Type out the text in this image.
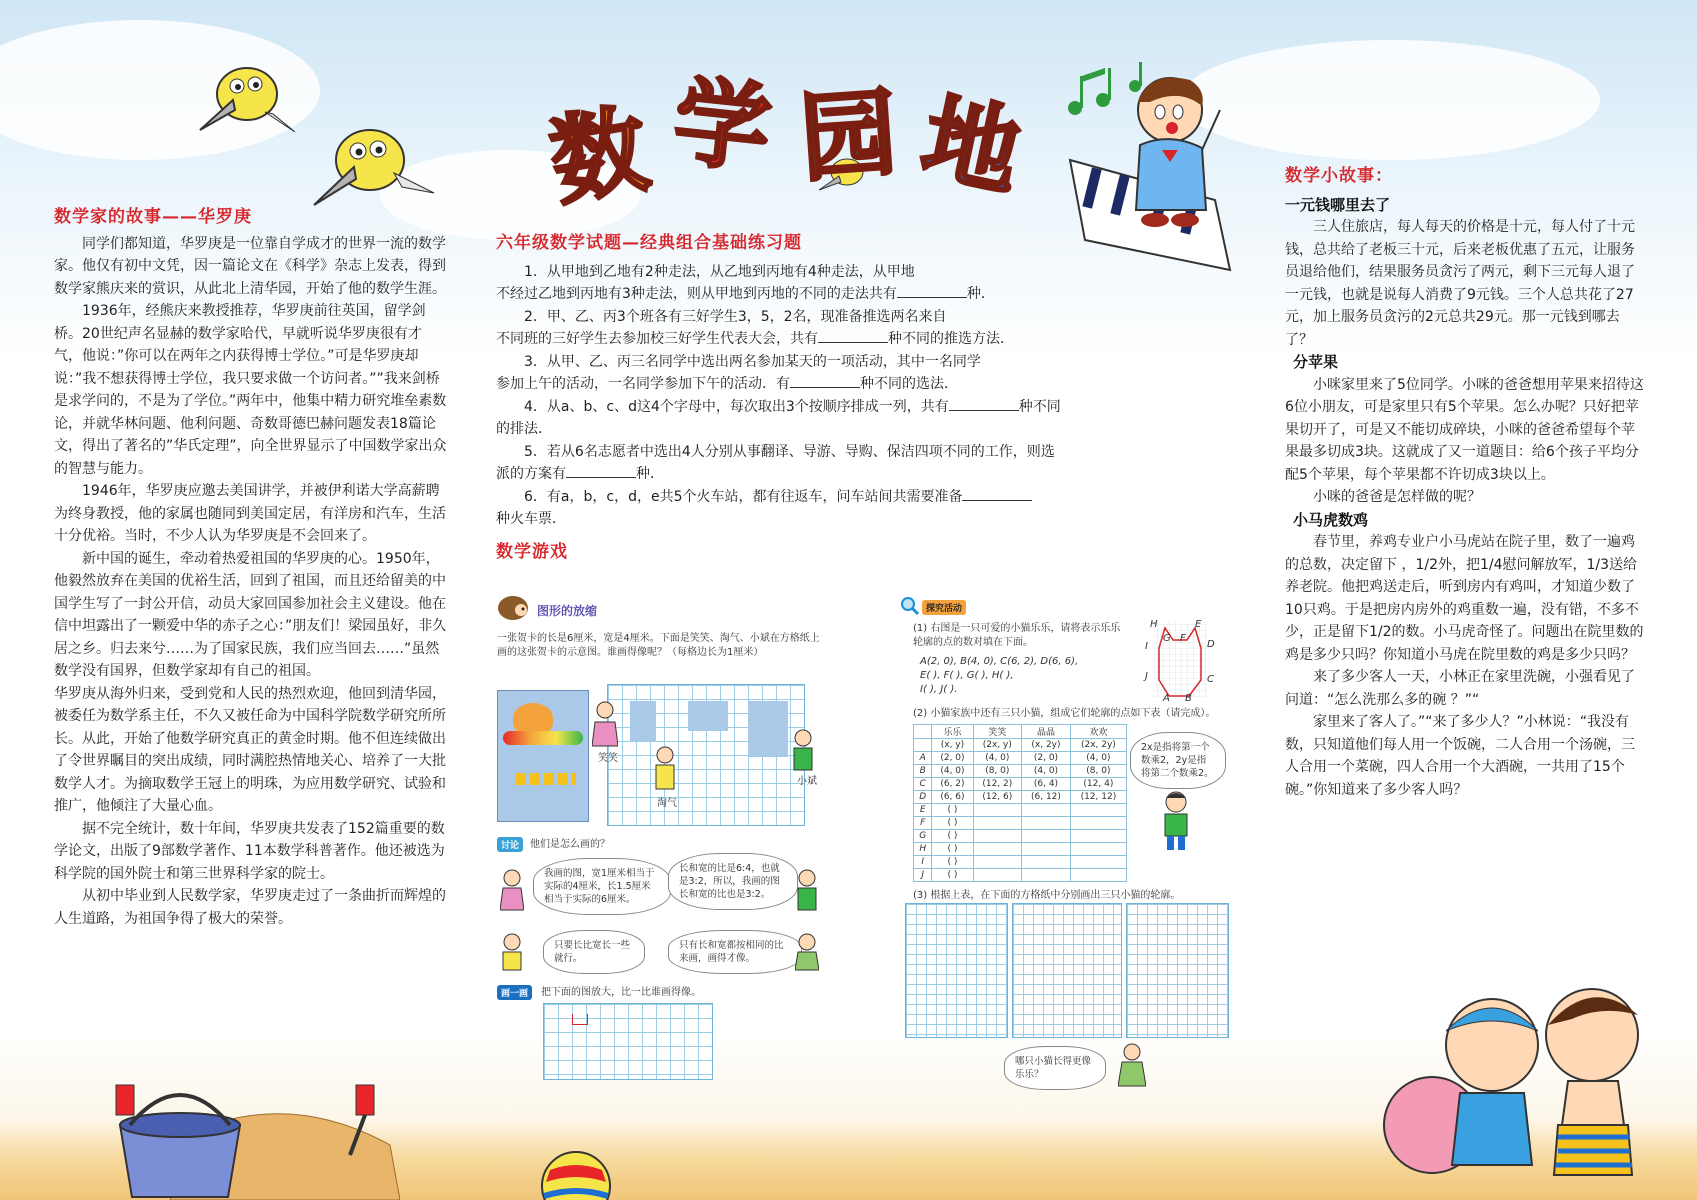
数 学 园 地
数学家的故事——华罗庚

同学们都知道，华罗庚是一位靠自学成才的世界一流的数学家。他仅有初中文凭，因一篇论文在《科学》杂志上发表，得到数学家熊庆来的赏识，从此北上清华园，开始了他的数学生涯。

1936年，经熊庆来教授推荐，华罗庚前往英国，留学剑桥。20世纪声名显赫的数学家哈代，早就听说华罗庚很有才气，他说：”你可以在两年之内获得博士学位。”可是华罗庚却说：”我不想获得博士学位，我只要求做一个访问者。””我来剑桥是求学问的，不是为了学位。”两年中，他集中精力研究堆垒素数论，并就华林问题、他利问题、奇数哥德巴赫问题发表18篇论文，得出了著名的”华氏定理”，向全世界显示了中国数学家出众的智慧与能力。

1946年，华罗庚应邀去美国讲学，并被伊利诺大学高薪聘为终身教授，他的家属也随同到美国定居，有洋房和汽车，生活十分优裕。当时，不少人认为华罗庚是不会回来了。

新中国的诞生，牵动着热爱祖国的华罗庚的心。1950年，他毅然放弃在美国的优裕生活，回到了祖国，而且还给留美的中国学生写了一封公开信，动员大家回国参加社会主义建设。他在信中坦露出了一颗爱中华的赤子之心：”朋友们！梁园虽好，非久居之乡。归去来兮……为了国家民族，我们应当回去……”虽然数学没有国界，但数学家却有自己的祖国。

华罗庚从海外归来，受到党和人民的热烈欢迎，他回到清华园，被委任为数学系主任，不久又被任命为中国科学院数学研究所所长。从此，开始了他数学研究真正的黄金时期。他不但连续做出了令世界瞩目的突出成绩，同时满腔热情地关心、培养了一大批数学人才。为摘取数学王冠上的明珠，为应用数学研究、试验和推广，他倾注了大量心血。

据不完全统计，数十年间，华罗庚共发表了152篇重要的数学论文，出版了9部数学著作、11本数学科普著作。他还被选为科学院的国外院士和第三世界科学家的院士。

从初中毕业到人民数学家，华罗庚走过了一条曲折而辉煌的人生道路，为祖国争得了极大的荣誉。

六年级数学试题—经典组合基础练习题

1．从甲地到乙地有2种走法，从乙地到丙地有4种走法，从甲地

不经过乙地到丙地有3种走法，则从甲地到丙地的不同的走法共有	种．

2．甲、乙、丙3个班各有三好学生3，5，2名，现准备推选两名来自

不同班的三好学生去参加校三好学生代表大会，共有	种不同的推选方法．

3．从甲、乙、丙三名同学中选出两名参加某天的一项活动，其中一名同学

参加上午的活动，一名同学参加下午的活动．有	种不同的选法．

4．从a、b、c、d这4个字母中，每次取出3个按顺序排成一列，共有	种不同

的排法．

5．若从6名志愿者中选出4人分别从事翻译、导游、导购、保洁四项不同的工作，则选

派的方案有	种．

6．有a，b，c，d，e共5个火车站，都有往返车，问车站间共需要准备

种火车票．

数学游戏
图形的放缩
一张贺卡的长是6厘米，宽是4厘米。下面是笑笑、淘气、小斌在方格纸上画的这张贺卡的示意图。谁画得像呢？（每格边长为1厘米）
笑笑
淘气
小斌
讨论	他们是怎么画的？
我画的图，宽1厘米相当于实际的4厘米，长1.5厘米相当于实际的6厘米。
长和宽的比是6:4，也就是3:2，所以，我画的图长和宽的比也是3:2。
只要长比宽长一些就行。
只有长和宽都按相同的比来画，画得才像。
画一画	把下面的图放大，比一比谁画得像。
探究活动
(1) 右图是一只可爱的小猫乐乐，请将表示乐乐轮廓的点的数对填在下面。
A(2, 0), B(4, 0), C(6, 2), D(6, 6),
E( ), F( ), G( ), H( ),
I( ), J( ).
H
G F
E
D
C
J
I
A B
(2) 小猫家族中还有三只小猫，组成它们轮廓的点如下表（请完成）。
	乐乐	笑笑	晶晶	欢欢
	(x, y)	(2x, y)	(x, 2y)	(2x, 2y)
A	(2, 0)	(4, 0)	(2, 0)	(4, 0)
B	(4, 0)	(8, 0)	(4, 0)	(8, 0)
C	(6, 2)	(12, 2)	(6, 4)	(12, 4)
D	(6, 6)	(12, 6)	(6, 12)	(12, 12)
E	( )			
F	( )			
G	( )			
H	( )			
I	( )			
J	( )			
2x是指将第一个数乘2，2y是指将第二个数乘2。
(3) 根据上表，在下面的方格纸中分别画出三只小猫的轮廓。
哪只小猫长得更像乐乐？
数学小故事：
一元钱哪里去了

三人住旅店，每人每天的价格是十元，每人付了十元钱，总共给了老板三十元，后来老板优惠了五元，让服务员退给他们，结果服务员贪污了两元，剩下三元每人退了一元钱，也就是说每人消费了9元钱。三个人总共花了27元，加上服务员贪污的2元总共29元。那一元钱到哪去了？

分苹果

小咪家里来了5位同学。小咪的爸爸想用苹果来招待这6位小朋友，可是家里只有5个苹果。怎么办呢？只好把苹果切开了，可是又不能切成碎块，小咪的爸爸希望每个苹果最多切成3块。这就成了又一道题目：给6个孩子平均分配5个苹果，每个苹果都不许切成3块以上。

小咪的爸爸是怎样做的呢？

小马虎数鸡

春节里，养鸡专业户小马虎站在院子里，数了一遍鸡的总数，决定留下 ，1/2外，把1/4慰问解放军，1/3送给养老院。他把鸡送走后，听到房内有鸡叫，才知道少数了10只鸡。于是把房内房外的鸡重数一遍，没有错，不多不少，正是留下1/2的数。小马虎奇怪了。问题出在院里数的鸡是多少只吗？你知道小马虎在院里数的鸡是多少只吗？

来了多少客人一天，小林正在家里洗碗，小强看见了问道：“怎么洗那么多的碗 ？”“

家里来了客人了。”“来了多少人？”小林说：“我没有数，只知道他们每人用一个饭碗，二人合用一个汤碗，三人合用一个菜碗，四人合用一个大酒碗，一共用了15个碗。”你知道来了多少客人吗？
